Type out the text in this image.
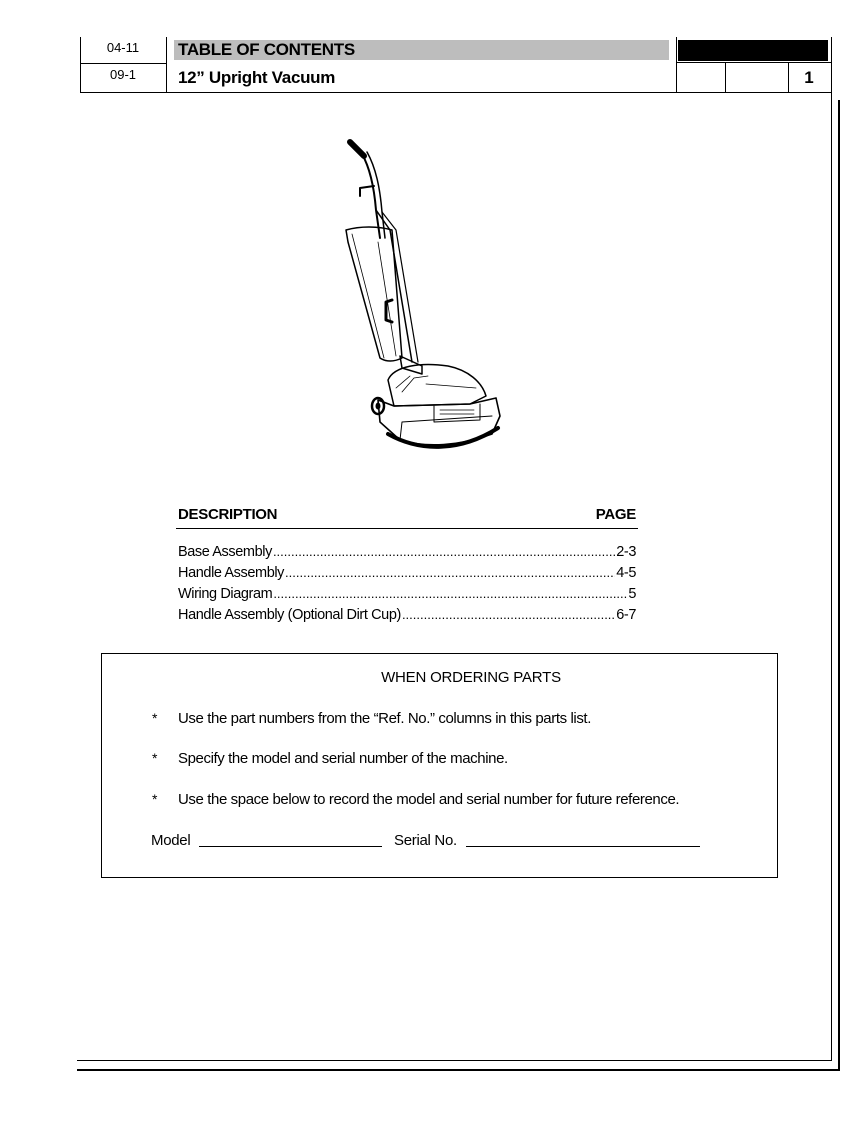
04-11
09-1
TABLE OF CONTENTS
12” Upright Vacuum	1
DESCRIPTION	PAGE
Base Assembly .....	2-3
Handle Assembly .....	4-5
Wiring Diagram .....	5
Handle Assembly (Optional Dirt Cup) .....	6-7
WHEN ORDERING PARTS
* Use the part numbers from the “Ref. No.” columns in this parts list.
* Specify the model and serial number of the machine.
* Use the space below to record the model and serial number for future reference.
Model	Serial No.
